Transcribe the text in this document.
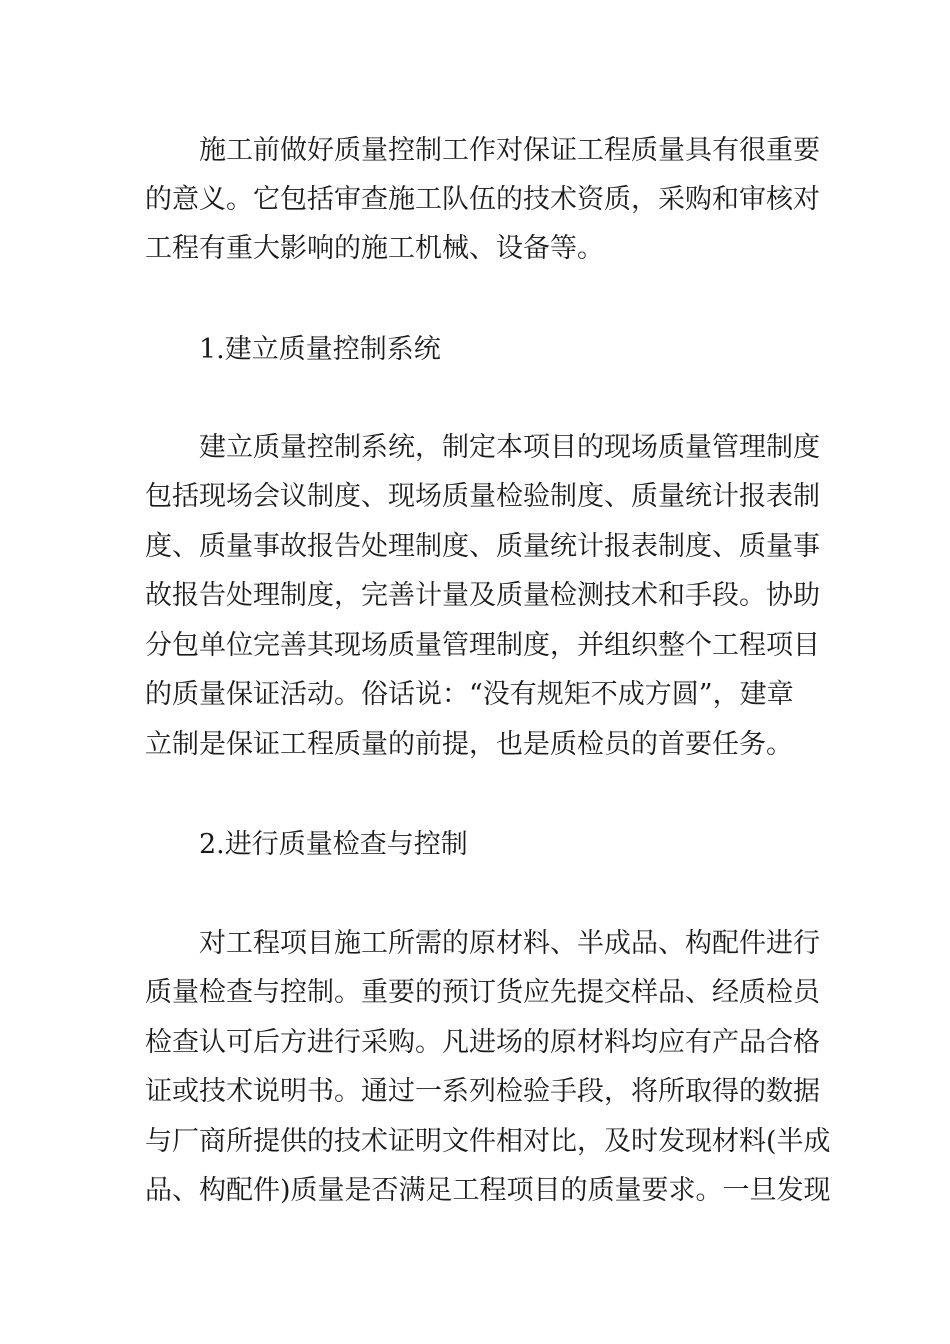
施工前做好质量控制工作对保证工程质量具有很重要

的意义。它包括审查施工队伍的技术资质，采购和审核对

工程有重大影响的施工机械、设备等。

1.建立质量控制系统

建立质量控制系统，制定本项目的现场质量管理制度

包括现场会议制度、现场质量检验制度、质量统计报表制

度、质量事故报告处理制度、质量统计报表制度、质量事

故报告处理制度，完善计量及质量检测技术和手段。协助

分包单位完善其现场质量管理制度，并组织整个工程项目

的质量保证活动。俗话说：“没有规矩不成方圆”，建章

立制是保证工程质量的前提，也是质检员的首要任务。

2.进行质量检查与控制

对工程项目施工所需的原材料、半成品、构配件进行

质量检查与控制。重要的预订货应先提交样品、经质检员

检查认可后方进行采购。凡进场的原材料均应有产品合格

证或技术说明书。通过一系列检验手段，将所取得的数据

与厂商所提供的技术证明文件相对比，及时发现材料(半成

品、构配件)质量是否满足工程项目的质量要求。一旦发现
